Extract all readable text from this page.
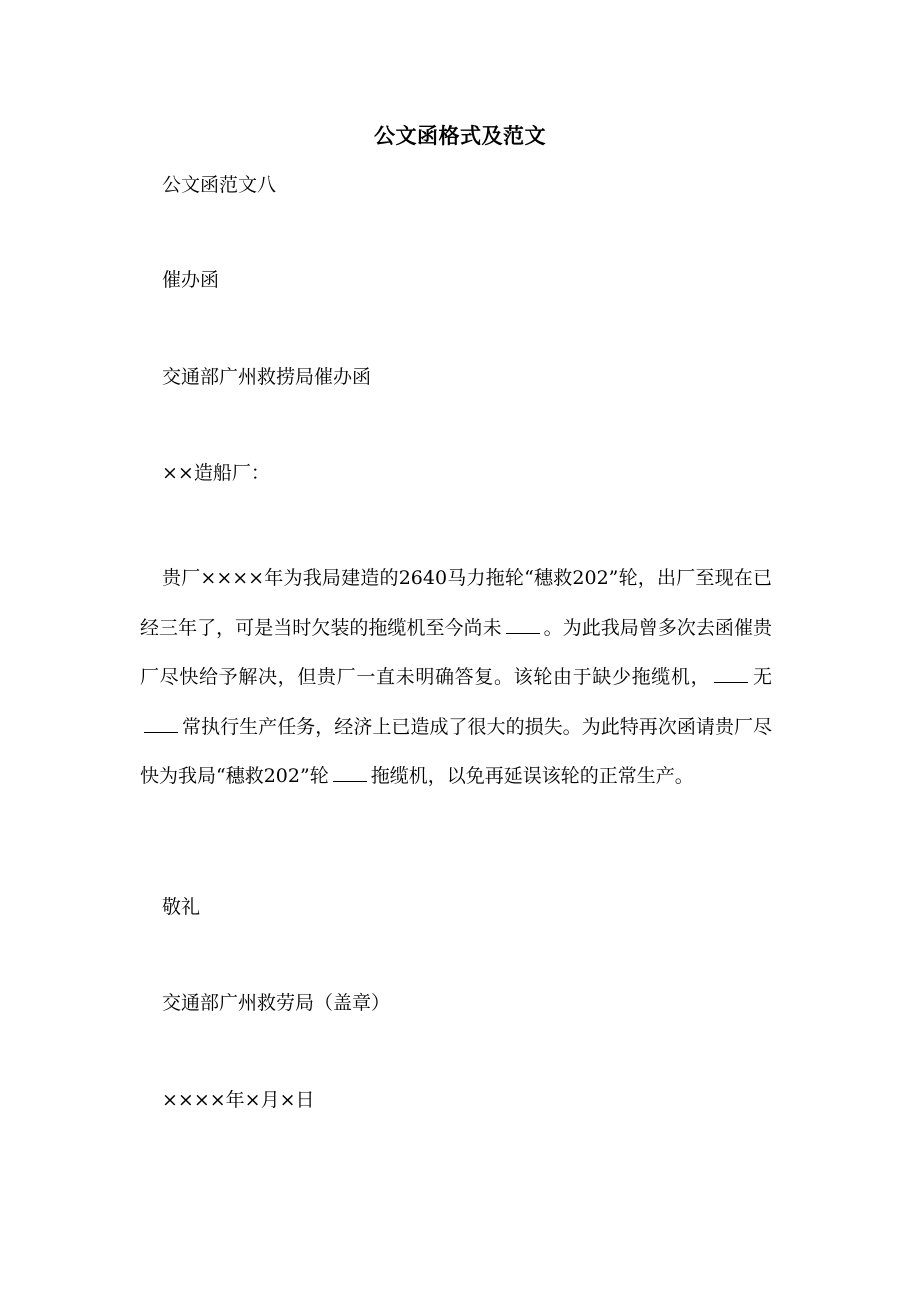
公文函格式及范文
公文函范文八
催办函
交通部广州救捞局催办函
××造船厂：
贵厂××××年为我局建造的2640马力拖轮“穗救202”轮，出厂至现在已经三年了，可是当时欠装的拖缆机至今尚未 。为此我局曾多次去函催贵厂尽快给予解决，但贵厂一直未明确答复。该轮由于缺少拖缆机， 无常执行生产任务，经济上已造成了很大的损失。为此特再次函请贵厂尽快为我局“穗救202”轮 拖缆机，以免再延误该轮的正常生产。
敬礼
交通部广州救劳局（盖章）
××××年×月×日
